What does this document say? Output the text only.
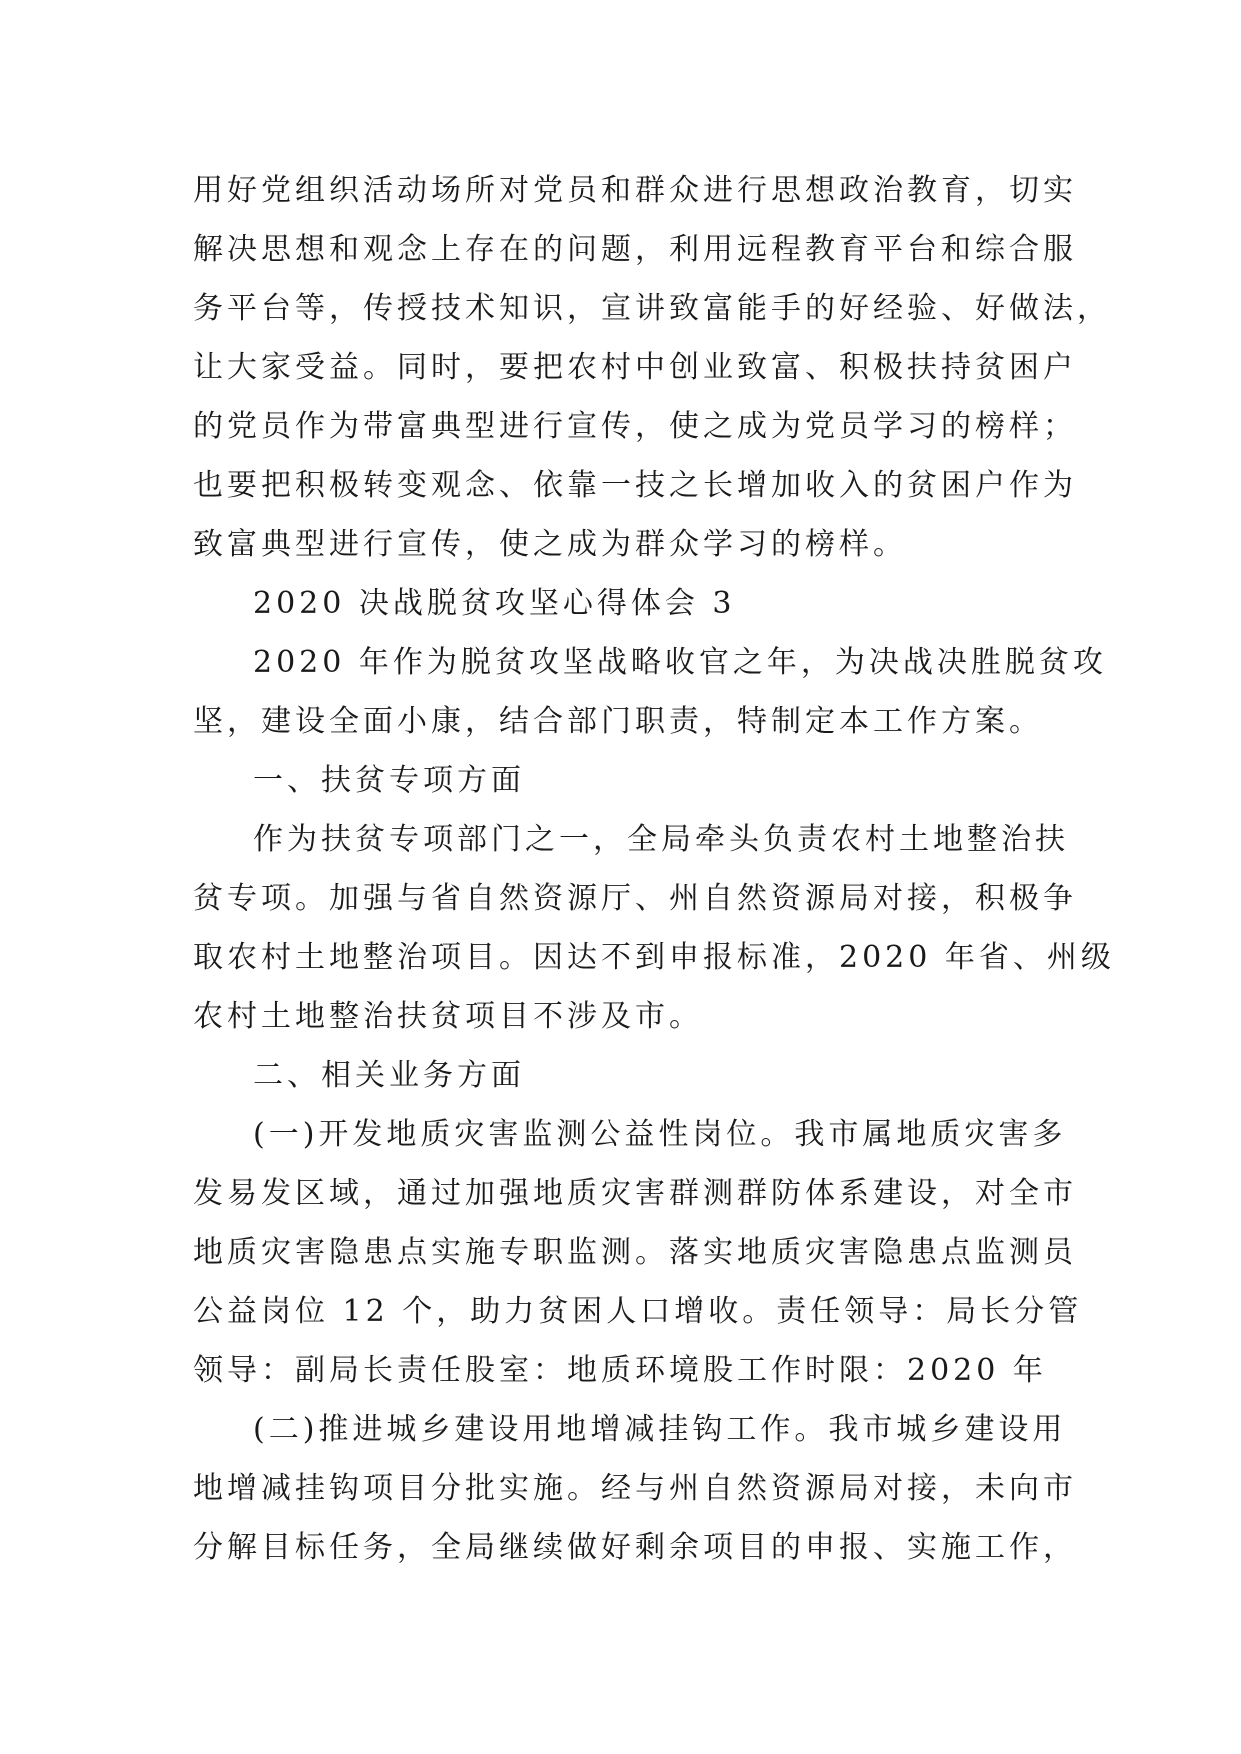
用好党组织活动场所对党员和群众进行思想政治教育，切实
解决思想和观念上存在的问题，利用远程教育平台和综合服
务平台等，传授技术知识，宣讲致富能手的好经验、好做法，
让大家受益。同时，要把农村中创业致富、积极扶持贫困户
的党员作为带富典型进行宣传，使之成为党员学习的榜样；
也要把积极转变观念、依靠一技之长增加收入的贫困户作为
致富典型进行宣传，使之成为群众学习的榜样。
2020 决战脱贫攻坚心得体会 3
2020 年作为脱贫攻坚战略收官之年，为决战决胜脱贫攻
坚，建设全面小康，结合部门职责，特制定本工作方案。
一、扶贫专项方面
作为扶贫专项部门之一，全局牵头负责农村土地整治扶
贫专项。加强与省自然资源厅、州自然资源局对接，积极争
取农村土地整治项目。因达不到申报标准，2020 年省、州级
农村土地整治扶贫项目不涉及市。
二、相关业务方面
(一)开发地质灾害监测公益性岗位。我市属地质灾害多
发易发区域，通过加强地质灾害群测群防体系建设，对全市
地质灾害隐患点实施专职监测。落实地质灾害隐患点监测员
公益岗位 12 个，助力贫困人口增收。责任领导：局长分管
领导：副局长责任股室：地质环境股工作时限：2020 年
(二)推进城乡建设用地增减挂钩工作。我市城乡建设用
地增减挂钩项目分批实施。经与州自然资源局对接，未向市
分解目标任务，全局继续做好剩余项目的申报、实施工作，
